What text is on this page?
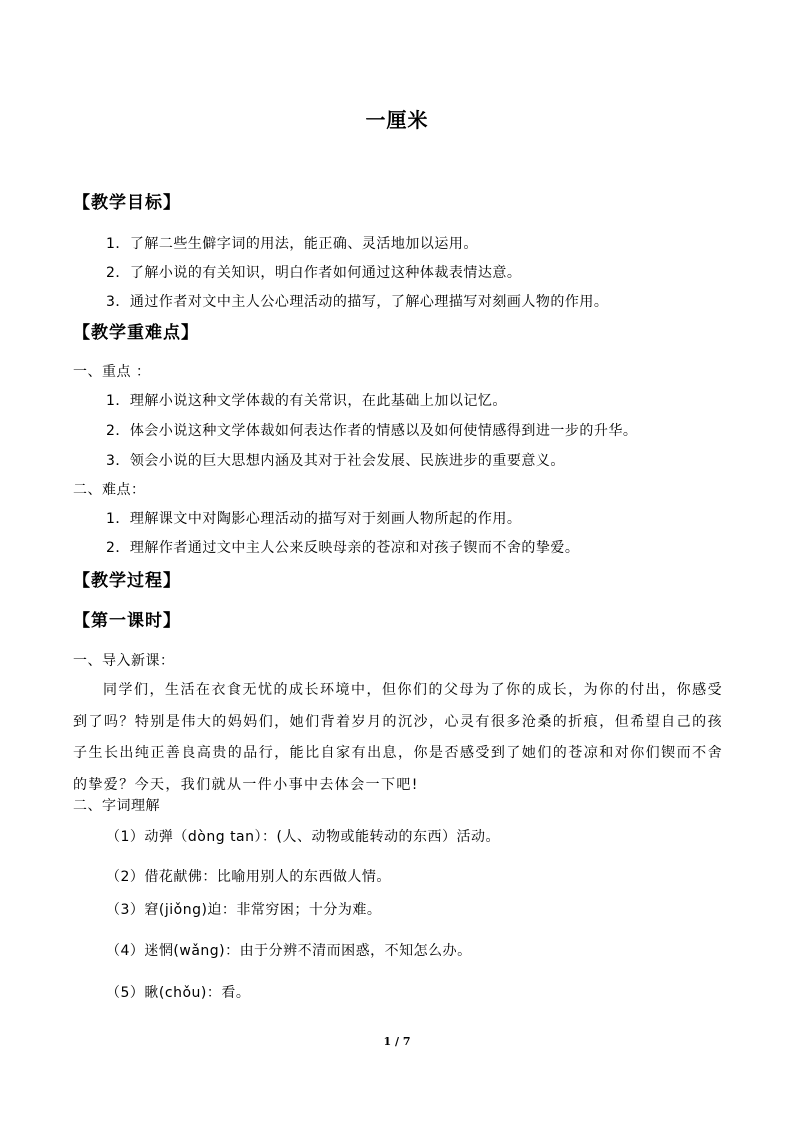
一厘米
【教学目标】
1．了解二些生僻字词的用法，能正确、灵活地加以运用。
2．了解小说的有关知识，明白作者如何通过这种体裁表情达意。
3．通过作者对文中主人公心理活动的描写，了解心理描写对刻画人物的作用。
【教学重难点】
一、重点 ：
1．理解小说这种文学体裁的有关常识，在此基础上加以记忆。
2．体会小说这种文学体裁如何表达作者的情感以及如何使情感得到进一步的升华。
3．领会小说的巨大思想内涵及其对于社会发展、民族进步的重要意义。
二、难点：
1．理解课文中对陶影心理活动的描写对于刻画人物所起的作用。
2．理解作者通过文中主人公来反映母亲的苍凉和对孩子锲而不舍的挚爱。
【教学过程】
【第一课时】
一、导入新课：
同学们，生活在衣食无忧的成长环境中，但你们的父母为了你的成长，为你的付出，你感受到了吗？特别是伟大的妈妈们，她们背着岁月的沉沙，心灵有很多沧桑的折痕，但希望自己的孩子生长出纯正善良高贵的品行，能比自家有出息，你是否感受到了她们的苍凉和对你们锲而不舍的挚爱？今天，我们就从一件小事中去体会一下吧!
二、字词理解
（1）动弹（dòng tan）：(人、动物或能转动的东西）活动。
（2）借花献佛：比喻用别人的东西做人情。
（3）窘(jiǒng)迫：非常穷困；十分为难。
（4）迷惘(wǎng)：由于分辨不清而困惑，不知怎么办。
（5）瞅(chǒu)：看。
1 / 7
